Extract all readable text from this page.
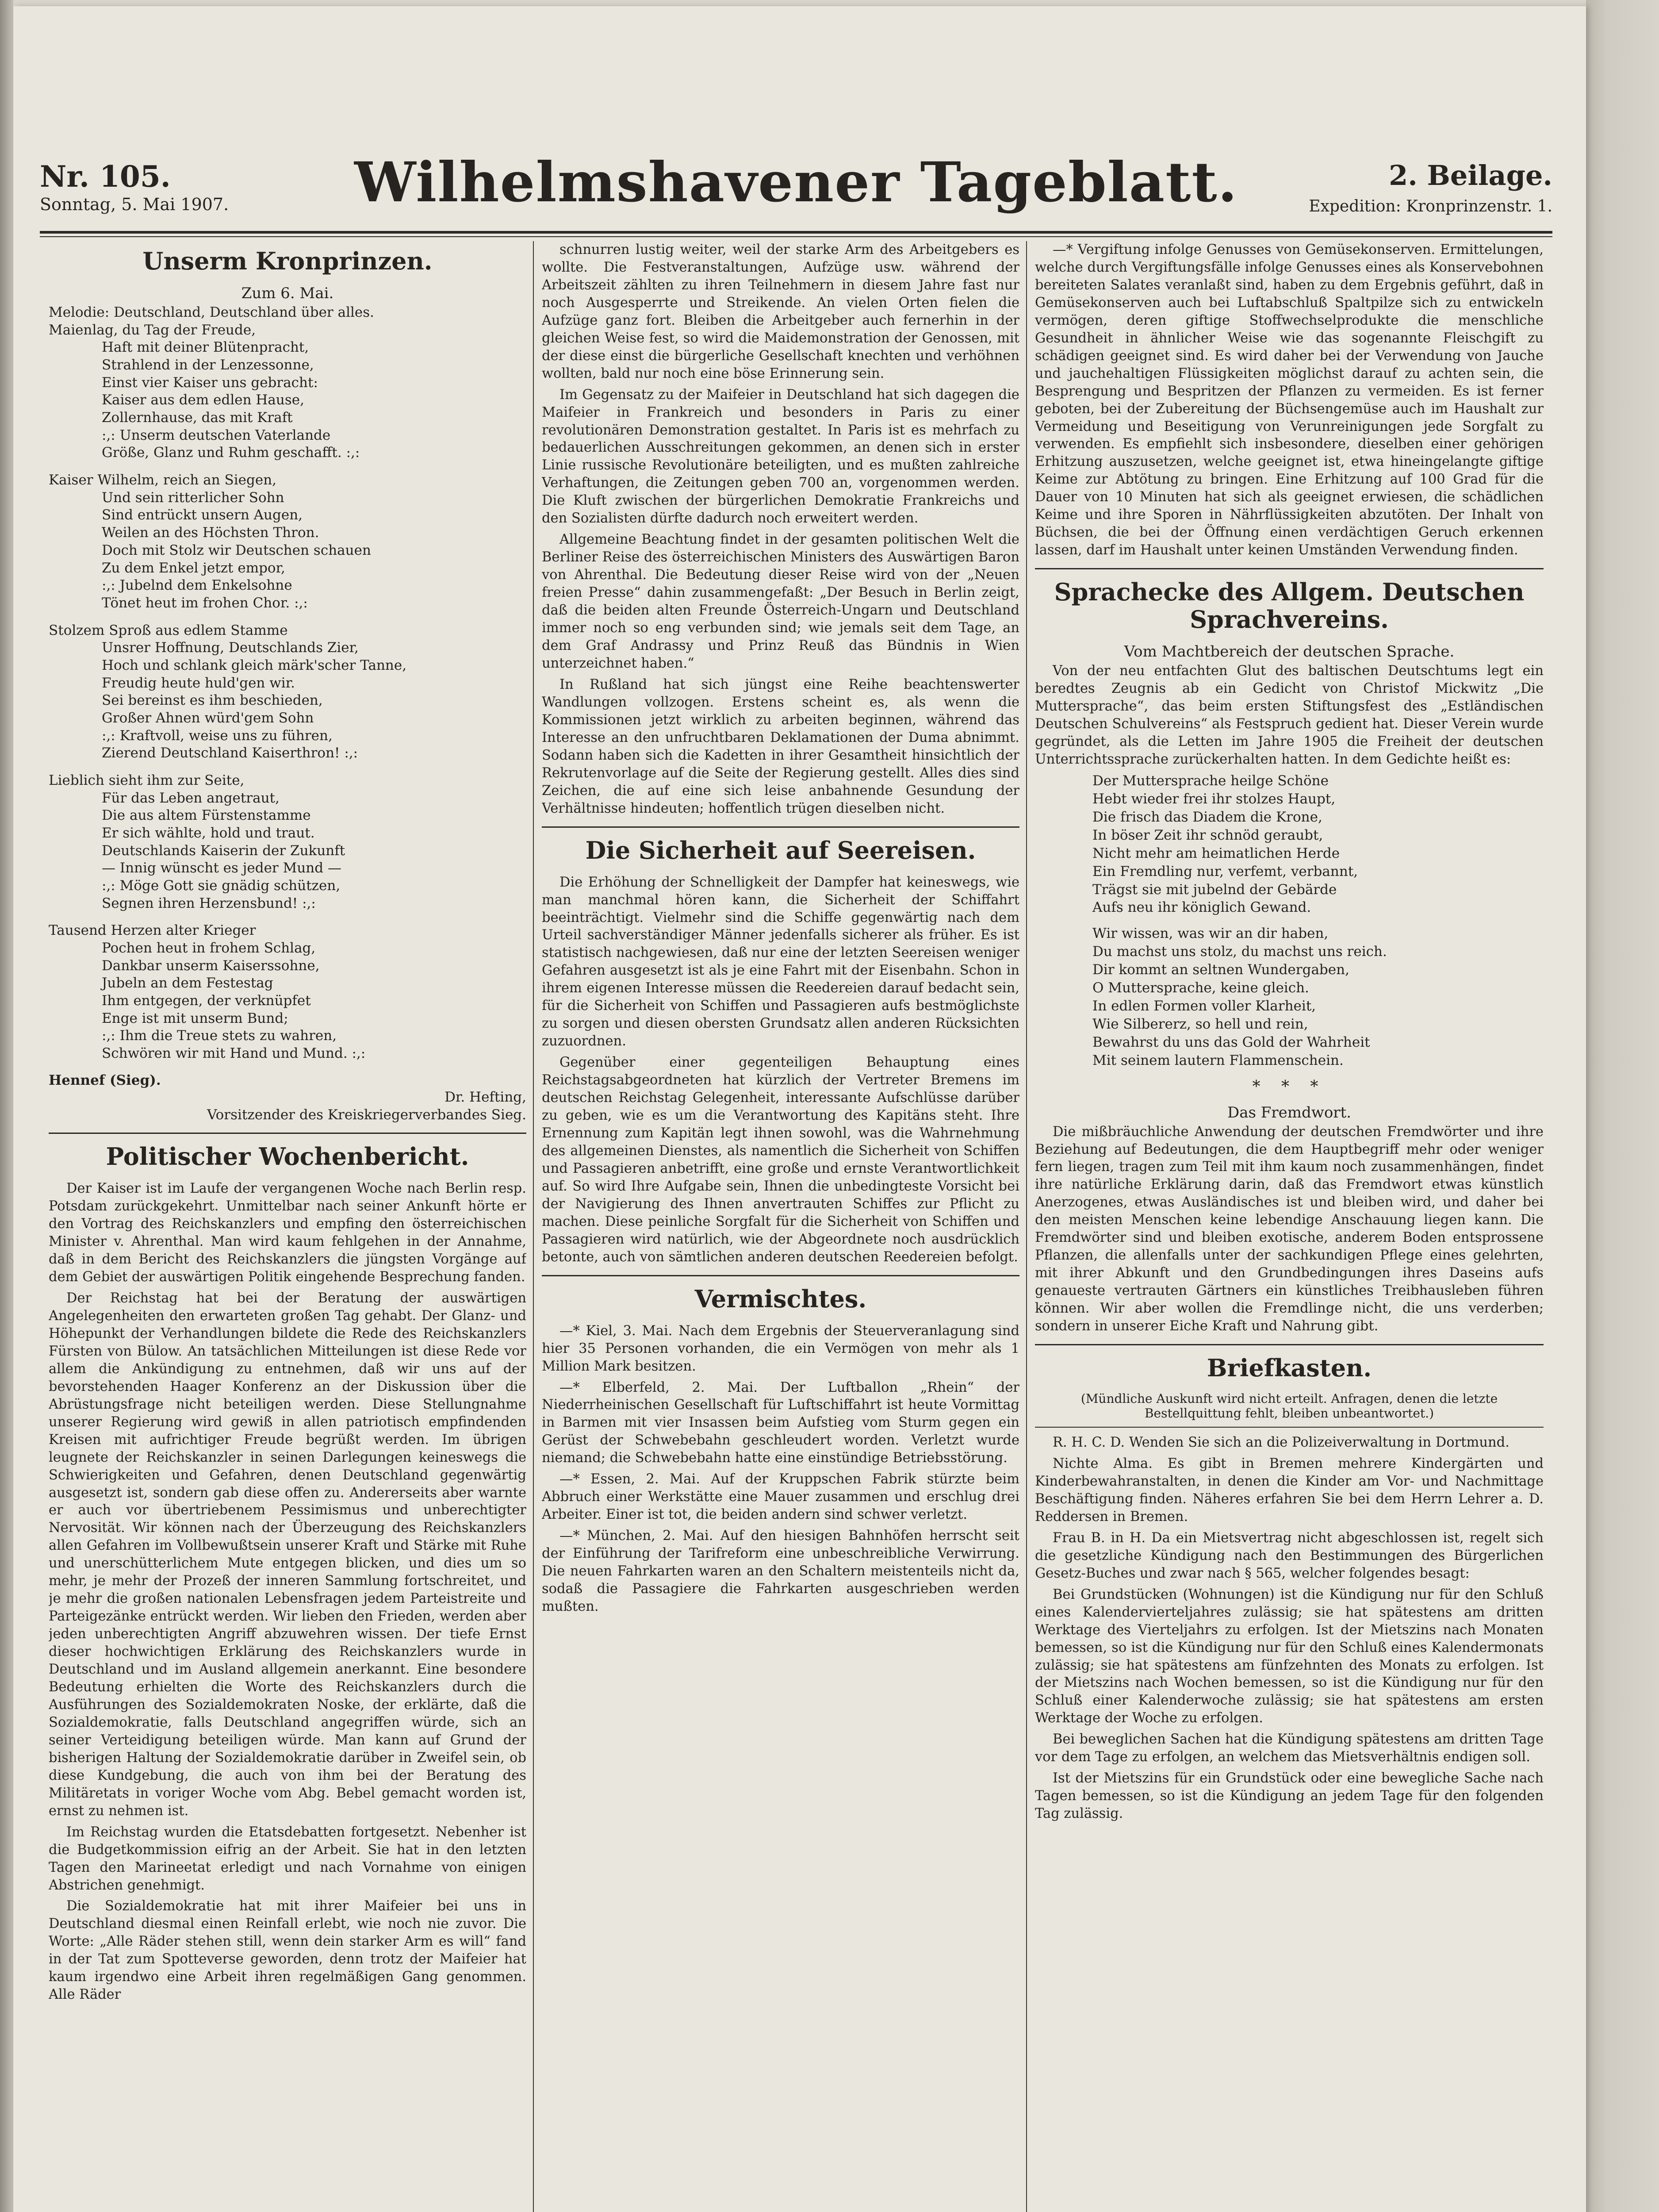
Nr. 105.
Sonntag, 5. Mai 1907.	Wilhelmshavener Tageblatt.	2. Beilage.
Expedition: Kronprinzenstr. 1.
Unserm Kronprinzen.
Zum 6. Mai.
Melodie: Deutschland, Deutschland über alles.

Maienlag, du Tag der Freude,

Haft mit deiner Blütenpracht,

Strahlend in der Lenzessonne,

Einst vier Kaiser uns gebracht:

Kaiser aus dem edlen Hause,

Zollernhause, das mit Kraft

:,: Unserm deutschen Vaterlande

Größe, Glanz und Ruhm geschafft. :,:

Kaiser Wilhelm, reich an Siegen,

Und sein ritterlicher Sohn

Sind entrückt unsern Augen,

Weilen an des Höchsten Thron.

Doch mit Stolz wir Deutschen schauen

Zu dem Enkel jetzt empor,

:,: Jubelnd dem Enkelsohne

Tönet heut im frohen Chor. :,:

Stolzem Sproß aus edlem Stamme

Unsrer Hoffnung, Deutschlands Zier,

Hoch und schlank gleich märk'scher Tanne,

Freudig heute huld'gen wir.

Sei bereinst es ihm beschieden,

Großer Ahnen würd'gem Sohn

:,: Kraftvoll, weise uns zu führen,

Zierend Deutschland Kaiserthron! :,:

Lieblich sieht ihm zur Seite,

Für das Leben angetraut,

Die aus altem Fürstenstamme

Er sich wählte, hold und traut.

Deutschlands Kaiserin der Zukunft

— Innig wünscht es jeder Mund —

:,: Möge Gott sie gnädig schützen,

Segnen ihren Herzensbund! :,:

Tausend Herzen alter Krieger

Pochen heut in frohem Schlag,

Dankbar unserm Kaiserssohne,

Jubeln an dem Festestag

Ihm entgegen, der verknüpfet

Enge ist mit unserm Bund;

:,: Ihm die Treue stets zu wahren,

Schwören wir mit Hand und Mund. :,:

Hennef (Sieg).
Dr. Hefting,
Vorsitzender des Kreiskriegerverbandes Sieg.
Politischer Wochenbericht.

Der Kaiser ist im Laufe der vergangenen Woche nach Berlin resp. Potsdam zurückgekehrt. Unmittelbar nach seiner Ankunft hörte er den Vortrag des Reichskanzlers und empfing den österreichischen Minister v. Ahrenthal. Man wird kaum fehlgehen in der Annahme, daß in dem Bericht des Reichskanzlers die jüngsten Vorgänge auf dem Gebiet der auswärtigen Politik eingehende Besprechung fanden.

Der Reichstag hat bei der Beratung der auswärtigen Angelegenheiten den erwarteten großen Tag gehabt. Der Glanz- und Höhepunkt der Verhandlungen bildete die Rede des Reichskanzlers Fürsten von Bülow. An tatsächlichen Mitteilungen ist diese Rede vor allem die Ankündigung zu entnehmen, daß wir uns auf der bevorstehenden Haager Konferenz an der Diskussion über die Abrüstungsfrage nicht beteiligen werden. Diese Stellungnahme unserer Regierung wird gewiß in allen patriotisch empfindenden Kreisen mit aufrichtiger Freude begrüßt werden. Im übrigen leugnete der Reichskanzler in seinen Darlegungen keineswegs die Schwierigkeiten und Gefahren, denen Deutschland gegenwärtig ausgesetzt ist, sondern gab diese offen zu. Andererseits aber warnte er auch vor übertriebenem Pessimismus und unberechtigter Nervosität. Wir können nach der Überzeugung des Reichskanzlers allen Gefahren im Vollbewußtsein unserer Kraft und Stärke mit Ruhe und unerschütterlichem Mute entgegen blicken, und dies um so mehr, je mehr der Prozeß der inneren Sammlung fortschreitet, und je mehr die großen nationalen Lebensfragen jedem Parteistreite und Parteigezänke entrückt werden. Wir lieben den Frieden, werden aber jeden unberechtigten Angriff abzuwehren wissen. Der tiefe Ernst dieser hochwichtigen Erklärung des Reichskanzlers wurde in Deutschland und im Ausland allgemein anerkannt. Eine besondere Bedeutung erhielten die Worte des Reichskanzlers durch die Ausführungen des Sozialdemokraten Noske, der erklärte, daß die Sozialdemokratie, falls Deutschland angegriffen würde, sich an seiner Verteidigung beteiligen würde. Man kann auf Grund der bisherigen Haltung der Sozialdemokratie darüber in Zweifel sein, ob diese Kundgebung, die auch von ihm bei der Beratung des Militäretats in voriger Woche vom Abg. Bebel gemacht worden ist, ernst zu nehmen ist.

Im Reichstag wurden die Etatsdebatten fortgesetzt. Nebenher ist die Budgetkommission eifrig an der Arbeit. Sie hat in den letzten Tagen den Marineetat erledigt und nach Vornahme von einigen Abstrichen genehmigt.

Die Sozialdemokratie hat mit ihrer Maifeier bei uns in Deutschland diesmal einen Reinfall erlebt, wie noch nie zuvor. Die Worte: „Alle Räder stehen still, wenn dein starker Arm es will“ fand in der Tat zum Spotteverse geworden, denn trotz der Maifeier hat kaum irgendwo eine Arbeit ihren regelmäßigen Gang genommen. Alle Räder

schnurren lustig weiter, weil der starke Arm des Arbeitgebers es wollte. Die Festveranstaltungen, Aufzüge usw. während der Arbeitszeit zählten zu ihren Teilnehmern in diesem Jahre fast nur noch Ausgesperrte und Streikende. An vielen Orten fielen die Aufzüge ganz fort. Bleiben die Arbeitgeber auch fernerhin in der gleichen Weise fest, so wird die Maidemonstration der Genossen, mit der diese einst die bürgerliche Gesellschaft knechten und verhöhnen wollten, bald nur noch eine böse Erinnerung sein.

Im Gegensatz zu der Maifeier in Deutschland hat sich dagegen die Maifeier in Frankreich und besonders in Paris zu einer revolutionären Demonstration gestaltet. In Paris ist es mehrfach zu bedauerlichen Ausschreitungen gekommen, an denen sich in erster Linie russische Revolutionäre beteiligten, und es mußten zahlreiche Verhaftungen, die Zeitungen geben 700 an, vorgenommen werden. Die Kluft zwischen der bürgerlichen Demokratie Frankreichs und den Sozialisten dürfte dadurch noch erweitert werden.

Allgemeine Beachtung findet in der gesamten politischen Welt die Berliner Reise des österreichischen Ministers des Auswärtigen Baron von Ahrenthal. Die Bedeutung dieser Reise wird von der „Neuen freien Presse“ dahin zusammengefaßt: „Der Besuch in Berlin zeigt, daß die beiden alten Freunde Österreich-Ungarn und Deutschland immer noch so eng verbunden sind; wie jemals seit dem Tage, an dem Graf Andrassy und Prinz Reuß das Bündnis in Wien unterzeichnet haben.“

In Rußland hat sich jüngst eine Reihe beachtenswerter Wandlungen vollzogen. Erstens scheint es, als wenn die Kommissionen jetzt wirklich zu arbeiten beginnen, während das Interesse an den unfruchtbaren Deklamationen der Duma abnimmt. Sodann haben sich die Kadetten in ihrer Gesamtheit hinsichtlich der Rekrutenvorlage auf die Seite der Regierung gestellt. Alles dies sind Zeichen, die auf eine sich leise anbahnende Gesundung der Verhältnisse hindeuten; hoffentlich trügen dieselben nicht.

Die Sicherheit auf Seereisen.

Die Erhöhung der Schnelligkeit der Dampfer hat keineswegs, wie man manchmal hören kann, die Sicherheit der Schiffahrt beeinträchtigt. Vielmehr sind die Schiffe gegenwärtig nach dem Urteil sachverständiger Männer jedenfalls sicherer als früher. Es ist statistisch nachgewiesen, daß nur eine der letzten Seereisen weniger Gefahren ausgesetzt ist als je eine Fahrt mit der Eisenbahn. Schon in ihrem eigenen Interesse müssen die Reedereien darauf bedacht sein, für die Sicherheit von Schiffen und Passagieren aufs bestmöglichste zu sorgen und diesen obersten Grundsatz allen anderen Rücksichten zuzuordnen.

Gegenüber einer gegenteiligen Behauptung eines Reichstagsabgeordneten hat kürzlich der Vertreter Bremens im deutschen Reichstag Gelegenheit, interessante Aufschlüsse darüber zu geben, wie es um die Verantwortung des Kapitäns steht. Ihre Ernennung zum Kapitän legt ihnen sowohl, was die Wahrnehmung des allgemeinen Dienstes, als namentlich die Sicherheit von Schiffen und Passagieren anbetrifft, eine große und ernste Verantwortlichkeit auf. So wird Ihre Aufgabe sein, Ihnen die unbedingteste Vorsicht bei der Navigierung des Ihnen anvertrauten Schiffes zur Pflicht zu machen. Diese peinliche Sorgfalt für die Sicherheit von Schiffen und Passagieren wird natürlich, wie der Abgeordnete noch ausdrücklich betonte, auch von sämtlichen anderen deutschen Reedereien befolgt.

Vermischtes.

—* Kiel, 3. Mai. Nach dem Ergebnis der Steuerveranlagung sind hier 35 Personen vorhanden, die ein Vermögen von mehr als 1 Million Mark besitzen.

—* Elberfeld, 2. Mai. Der Luftballon „Rhein“ der Niederrheinischen Gesellschaft für Luftschiffahrt ist heute Vormittag in Barmen mit vier Insassen beim Aufstieg vom Sturm gegen ein Gerüst der Schwebebahn geschleudert worden. Verletzt wurde niemand; die Schwebebahn hatte eine einstündige Betriebsstörung.

—* Essen, 2. Mai. Auf der Kruppschen Fabrik stürzte beim Abbruch einer Werkstätte eine Mauer zusammen und erschlug drei Arbeiter. Einer ist tot, die beiden andern sind schwer verletzt.

—* München, 2. Mai. Auf den hiesigen Bahnhöfen herrscht seit der Einführung der Tarifreform eine unbeschreibliche Verwirrung. Die neuen Fahrkarten waren an den Schaltern meistenteils nicht da, sodaß die Passagiere die Fahrkarten ausgeschrieben werden mußten.

—* Vergiftung infolge Genusses von Gemüsekonserven. Ermittelungen, welche durch Vergiftungsfälle infolge Genusses eines als Konservebohnen bereiteten Salates veranlaßt sind, haben zu dem Ergebnis geführt, daß in Gemüsekonserven auch bei Luftabschluß Spaltpilze sich zu entwickeln vermögen, deren giftige Stoffwechselprodukte die menschliche Gesundheit in ähnlicher Weise wie das sogenannte Fleischgift zu schädigen geeignet sind. Es wird daher bei der Verwendung von Jauche und jauchehaltigen Flüssigkeiten möglichst darauf zu achten sein, die Besprengung und Bespritzen der Pflanzen zu vermeiden. Es ist ferner geboten, bei der Zubereitung der Büchsengemüse auch im Haushalt zur Vermeidung und Beseitigung von Verunreinigungen jede Sorgfalt zu verwenden. Es empfiehlt sich insbesondere, dieselben einer gehörigen Erhitzung auszusetzen, welche geeignet ist, etwa hineingelangte giftige Keime zur Abtötung zu bringen. Eine Erhitzung auf 100 Grad für die Dauer von 10 Minuten hat sich als geeignet erwiesen, die schädlichen Keime und ihre Sporen in Nährflüssigkeiten abzutöten. Der Inhalt von Büchsen, die bei der Öffnung einen verdächtigen Geruch erkennen lassen, darf im Haushalt unter keinen Umständen Verwendung finden.

Sprachecke des Allgem. Deutschen Sprachvereins.
Vom Machtbereich der deutschen Sprache.

Von der neu entfachten Glut des baltischen Deutschtums legt ein beredtes Zeugnis ab ein Gedicht von Christof Mickwitz „Die Muttersprache“, das beim ersten Stiftungsfest des „Estländischen Deutschen Schulvereins“ als Festspruch gedient hat. Dieser Verein wurde gegründet, als die Letten im Jahre 1905 die Freiheit der deutschen Unterrichtssprache zurückerhalten hatten. In dem Gedichte heißt es:

Der Muttersprache heilge Schöne

Hebt wieder frei ihr stolzes Haupt,

Die frisch das Diadem die Krone,

In böser Zeit ihr schnöd geraubt,

Nicht mehr am heimatlichen Herde

Ein Fremdling nur, verfemt, verbannt,

Trägst sie mit jubelnd der Gebärde

Aufs neu ihr königlich Gewand.

Wir wissen, was wir an dir haben,

Du machst uns stolz, du machst uns reich.

Dir kommt an seltnen Wundergaben,

O Muttersprache, keine gleich.

In edlen Formen voller Klarheit,

Wie Silbererz, so hell und rein,

Bewahrst du uns das Gold der Wahrheit

Mit seinem lautern Flammenschein.

* * *
Das Fremdwort.

Die mißbräuchliche Anwendung der deutschen Fremdwörter und ihre Beziehung auf Bedeutungen, die dem Hauptbegriff mehr oder weniger fern liegen, tragen zum Teil mit ihm kaum noch zusammenhängen, findet ihre natürliche Erklärung darin, daß das Fremdwort etwas künstlich Anerzogenes, etwas Ausländisches ist und bleiben wird, und daher bei den meisten Menschen keine lebendige Anschauung liegen kann. Die Fremdwörter sind und bleiben exotische, anderem Boden entsprossene Pflanzen, die allenfalls unter der sachkundigen Pflege eines gelehrten, mit ihrer Abkunft und den Grundbedingungen ihres Daseins aufs genaueste vertrauten Gärtners ein künstliches Treibhausleben führen können. Wir aber wollen die Fremdlinge nicht, die uns verderben; sondern in unserer Eiche Kraft und Nahrung gibt.

Briefkasten.
(Mündliche Auskunft wird nicht erteilt. Anfragen, denen die letzte Bestellquittung fehlt, bleiben unbeantwortet.)

R. H. C. D. Wenden Sie sich an die Polizeiverwaltung in Dortmund.

Nichte Alma. Es gibt in Bremen mehrere Kindergärten und Kinderbewahranstalten, in denen die Kinder am Vor- und Nachmittage Beschäftigung finden. Näheres erfahren Sie bei dem Herrn Lehrer a. D. Reddersen in Bremen.

Frau B. in H. Da ein Mietsvertrag nicht abgeschlossen ist, regelt sich die gesetzliche Kündigung nach den Bestimmungen des Bürgerlichen Gesetz-Buches und zwar nach § 565, welcher folgendes besagt:

Bei Grundstücken (Wohnungen) ist die Kündigung nur für den Schluß eines Kalendervierteljahres zulässig; sie hat spätestens am dritten Werktage des Vierteljahrs zu erfolgen. Ist der Mietszins nach Monaten bemessen, so ist die Kündigung nur für den Schluß eines Kalendermonats zulässig; sie hat spätestens am fünfzehnten des Monats zu erfolgen. Ist der Mietszins nach Wochen bemessen, so ist die Kündigung nur für den Schluß einer Kalenderwoche zulässig; sie hat spätestens am ersten Werktage der Woche zu erfolgen.

Bei beweglichen Sachen hat die Kündigung spätestens am dritten Tage vor dem Tage zu erfolgen, an welchem das Mietsverhältnis endigen soll.

Ist der Mietszins für ein Grundstück oder eine bewegliche Sache nach Tagen bemessen, so ist die Kündigung an jedem Tage für den folgenden Tag zulässig.
